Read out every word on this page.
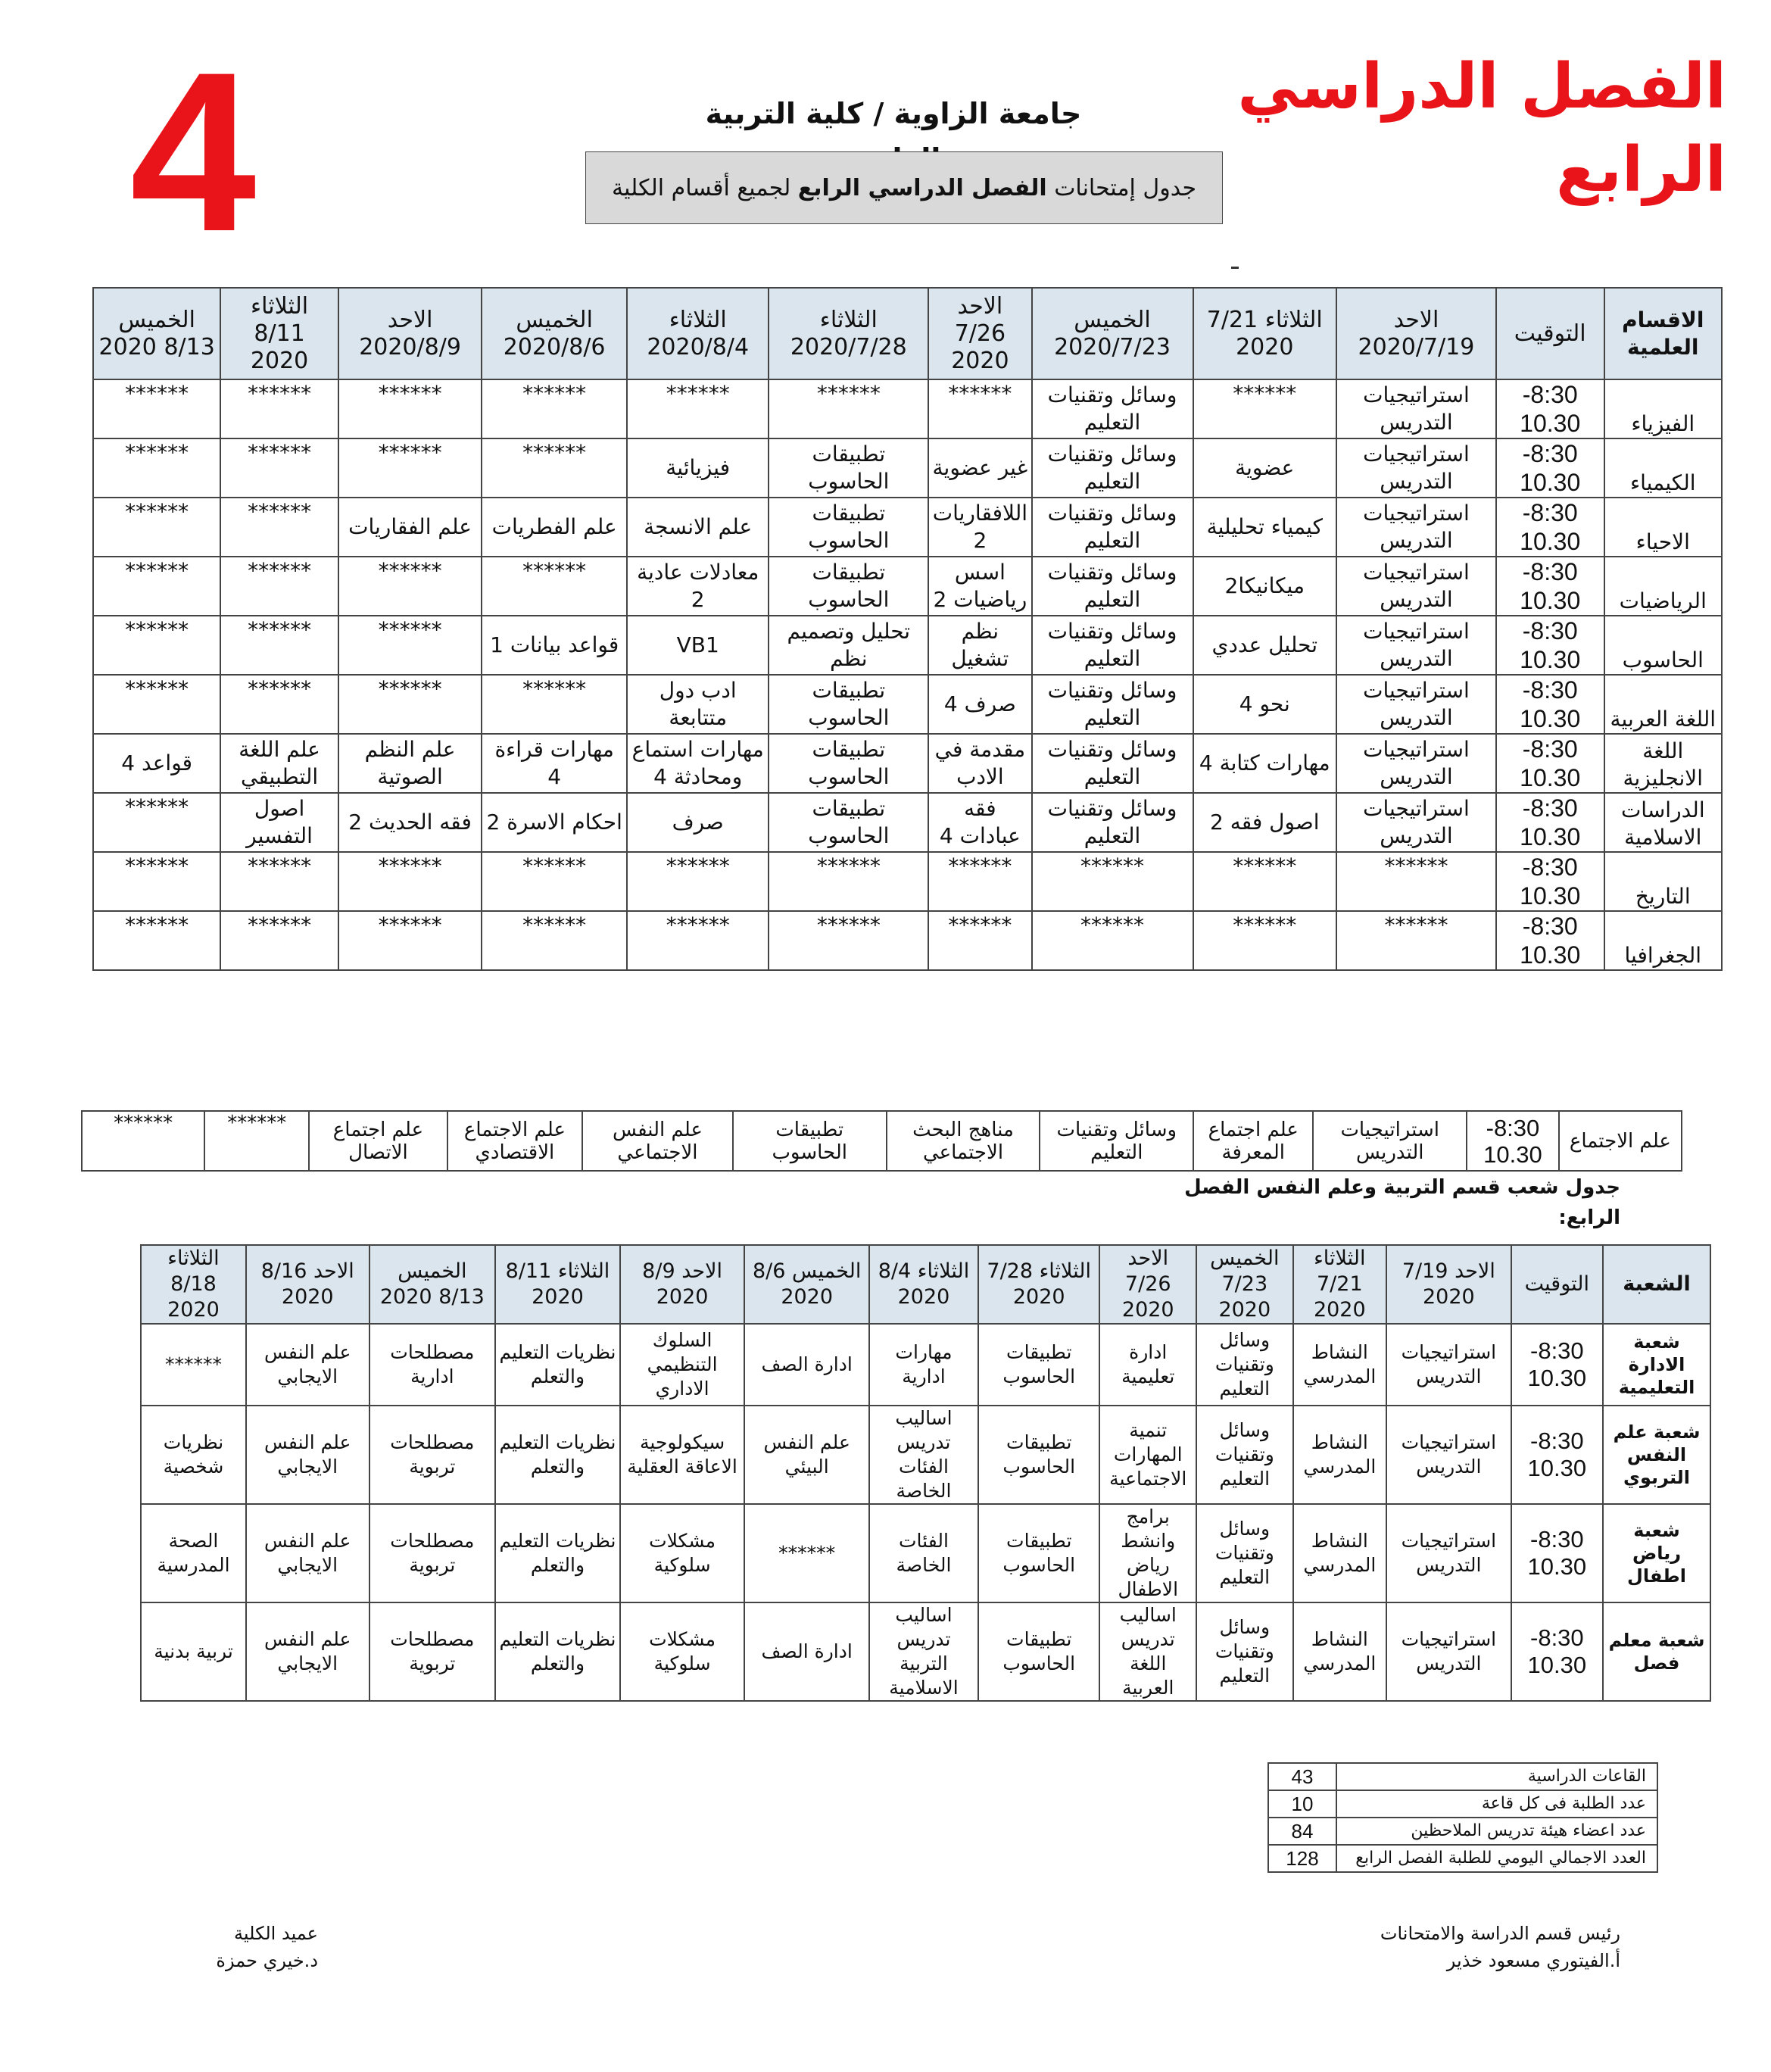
4	الفصل الدراسي الرابع
جامعة الزاوية / كلية التربية
جدول إمتحانات الفصل الدراسي الرابع لجميع أقسام الكلية
الاقسام العلمية	التوقيت	الاحد 2020/7/19	الثلاثاء 7/21 2020	الخميس 2020/7/23	الاحد 7/26 2020	الثلاثاء 2020/7/28	الثلاثاء 2020/8/4	الخميس 2020/8/6	الاحد 2020/8/9	الثلاثاء 8/11 2020	الخميس 8/13 2020
الفيزياء	8:30- 10.30	استراتيجيات التدريس	******	وسائل وتقنيات التعليم	******	******	******	******	******	******	******
الكيمياء	8:30- 10.30	استراتيجيات التدريس	عضوية	وسائل وتقنيات التعليم	غير عضوية	تطبيقات الحاسوب	فيزيائية	******	******	******	******
الاحياء	8:30- 10.30	استراتيجيات التدريس	كيمياء تحليلية	وسائل وتقنيات التعليم	اللافقاريات 2	تطبيقات الحاسوب	علم الانسجة	علم الفطريات	علم الفقاريات	******	******
الرياضيات	8:30- 10.30	استراتيجيات التدريس	ميكانيكا2	وسائل وتقنيات التعليم	اسس رياضيات 2	تطبيقات الحاسوب	معادلات عادية 2	******	******	******	******
الحاسوب	8:30- 10.30	استراتيجيات التدريس	تحليل عددي	وسائل وتقنيات التعليم	نظم تشغيل	تحليل وتصميم نظم	VB1	قواعد بيانات 1	******	******	******
اللغة العربية	8:30- 10.30	استراتيجيات التدريس	نحو 4	وسائل وتقنيات التعليم	صرف 4	تطبيقات الحاسوب	ادب دول متتابعة	******	******	******	******
اللغة الانجليزية	8:30- 10.30	استراتيجيات التدريس	مهارات كتابة 4	وسائل وتقنيات التعليم	مقدمة في الادب	تطبيقات الحاسوب	مهارات استماع ومحادثة 4	مهارات قراءة 4	علم النظم الصوتية	علم اللغة التطبيقي	قواعد 4
الدراسات الاسلامية	8:30- 10.30	استراتيجيات التدريس	اصول فقه 2	وسائل وتقنيات التعليم	فقه عبادات 4	تطبيقات الحاسوب	صرف	احكام الاسرة 2	فقه الحديث 2	اصول التفسير	******
التاريخ	8:30- 10.30	******	******	******	******	******	******	******	******	******	******
الجغرافيا	8:30- 10.30	******	******	******	******	******	******	******	******	******	******
علم الاجتماع	8:30- 10.30	استراتيجيات التدريس	علم اجتماع المعرفة	وسائل وتقنيات التعليم	مناهج البحث الاجتماعي	تطبيقات الحاسوب	علم النفس الاجتماعي	علم الاجتماع الاقتصادي	علم اجتماع الاتصال	******	******
جدول شعب قسم التربية وعلم النفس الفصل الرابع:
الشعبة	التوقيت	الاحد 7/19 2020	الثلاثاء 7/21 2020	الخميس 7/23 2020	الاحد 7/26 2020	الثلاثاء 7/28 2020	الثلاثاء 8/4 2020	الخميس 8/6 2020	الاحد 8/9 2020	الثلاثاء 8/11 2020	الخميس 8/13 2020	الاحد 8/16 2020	الثلاثاء 8/18 2020
شعبة الادارة التعليمية	8:30- 10.30	استراتيجيات التدريس	النشاط المدرسي	وسائل وتقنيات التعليم	ادارة تعليمية	تطبيقات الحاسوب	مهارات ادارية	ادارة الصف	السلوك التنظيمي الاداري	نظريات التعليم والتعلم	مصطلحات ادارية	علم النفس الايجابي	******
شعبة علم النفس التربوي	8:30- 10.30	استراتيجيات التدريس	النشاط المدرسي	وسائل وتقنيات التعليم	تنمية المهارات الاجتماعية	تطبيقات الحاسوب	اساليب تدريس الفئات الخاصة	علم النفس البيئي	سيكولوجية الاعاقة العقلية	نظريات التعليم والتعلم	مصطلحات تربوية	علم النفس الايجابي	نظريات شخصية
شعبة رياض اطفال	8:30- 10.30	استراتيجيات التدريس	النشاط المدرسي	وسائل وتقنيات التعليم	برامج وانشط رياض الاطفال	تطبيقات الحاسوب	الفئات الخاصة	******	مشكلات سلوكية	نظريات التعليم والتعلم	مصطلحات تربوية	علم النفس الايجابي	الصحة المدرسية
شعبة معلم فصل	8:30- 10.30	استراتيجيات التدريس	النشاط المدرسي	وسائل وتقنيات التعليم	اساليب تدريس اللغة العربية	تطبيقات الحاسوب	اساليب تدريس التربية الاسلامية	ادارة الصف	مشكلات سلوكية	نظريات التعليم والتعلم	مصطلحات تربوية	علم النفس الايجابي	تربية بدنية
القاعات الدراسية	43
عدد الطلبة فى كل قاعة	10
عدد اعضاء هيئة تدريس الملاحظين	84
العدد الاجمالي اليومي للطلبة الفصل الرابع	128
رئيس قسم الدراسة والامتحانات
أ.الفيتوري مسعود خذير
عميد الكلية
د.خيري حمزة
